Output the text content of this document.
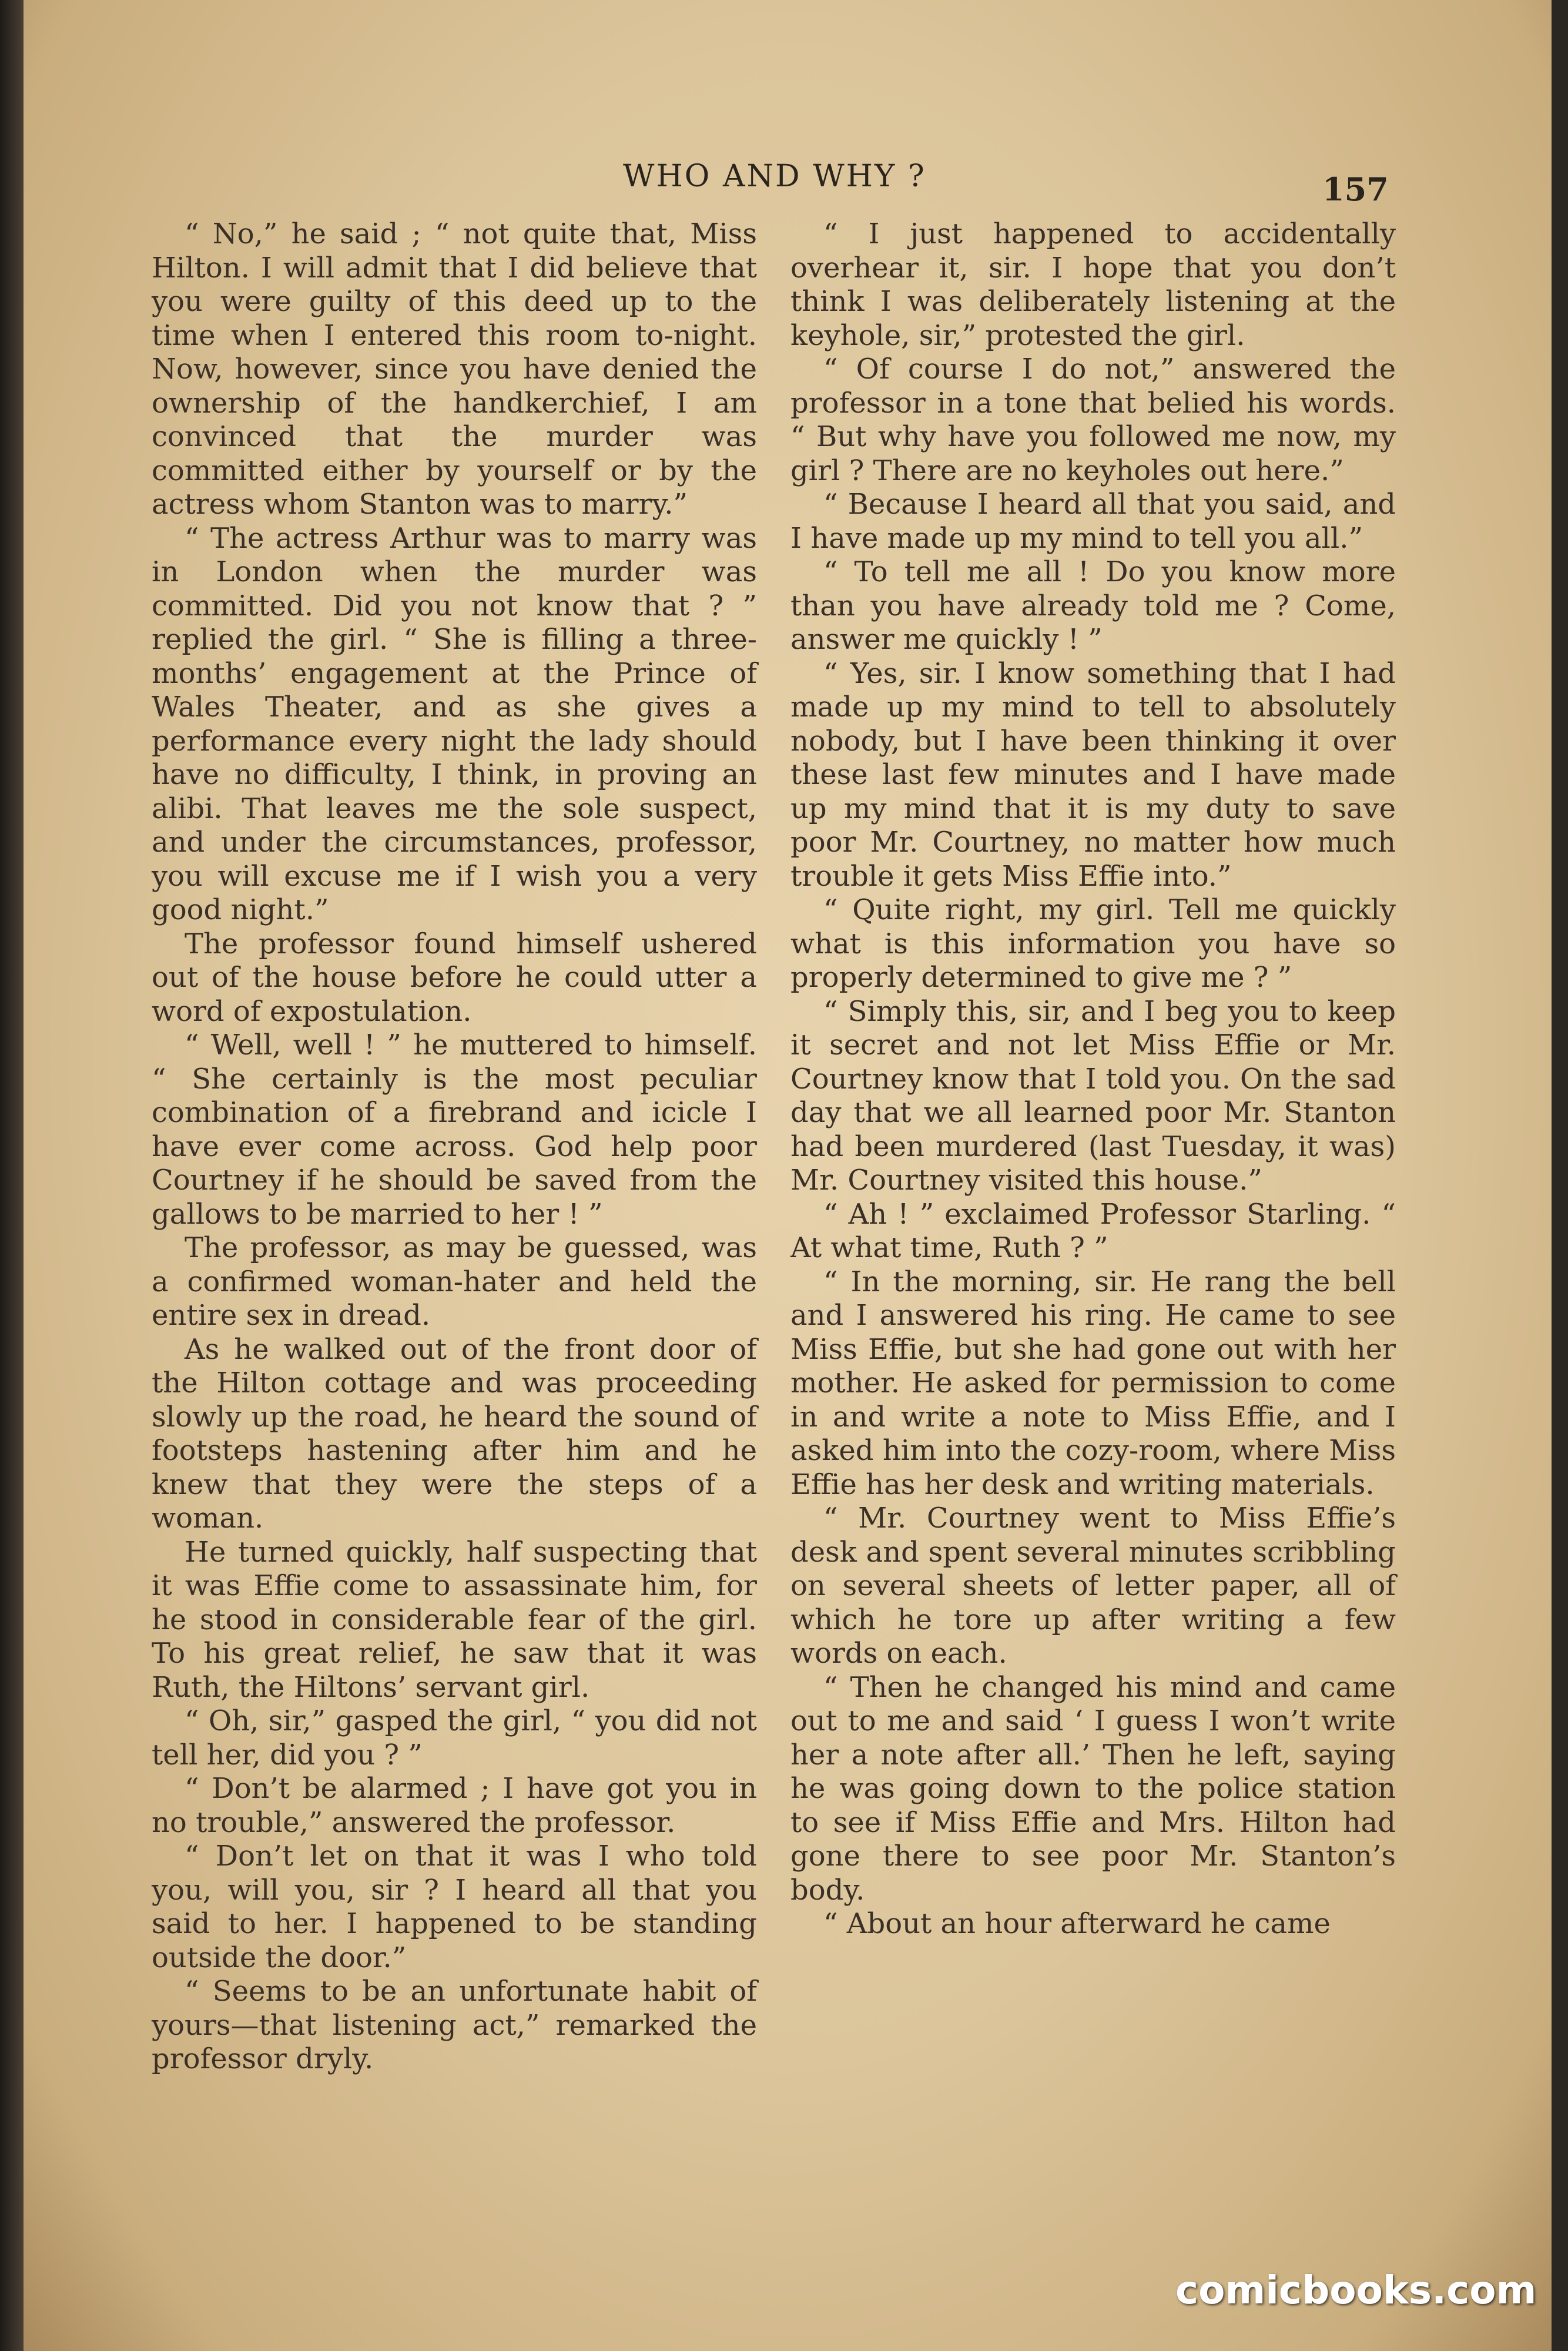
WHO AND WHY ?	157

“ No,” he said ; “ not quite that, Miss Hilton. I will admit that I did believe that you were guilty of this deed up to the time when I entered this room to-night. Now, however, since you have denied the ownership of the handkerchief, I am convinced that the murder was committed either by yourself or by the actress whom Stanton was to marry.”

“ The actress Arthur was to marry was in London when the murder was committed. Did you not know that ? ” replied the girl. “ She is filling a three-months’ engagement at the Prince of Wales Theater, and as she gives a performance every night the lady should have no difficulty, I think, in proving an alibi. That leaves me the sole suspect, and under the circumstances, professor, you will excuse me if I wish you a very good night.”

The professor found himself ushered out of the house before he could utter a word of expostulation.

“ Well, well ! ” he muttered to himself. “ She certainly is the most peculiar combination of a firebrand and icicle I have ever come across. God help poor Courtney if he should be saved from the gallows to be married to her ! ”

The professor, as may be guessed, was a confirmed woman-hater and held the entire sex in dread.

As he walked out of the front door of the Hilton cottage and was proceeding slowly up the road, he heard the sound of footsteps hastening after him and he knew that they were the steps of a woman.

He turned quickly, half suspecting that it was Effie come to assassinate him, for he stood in considerable fear of the girl. To his great relief, he saw that it was Ruth, the Hiltons’ servant girl.

“ Oh, sir,” gasped the girl, “ you did not tell her, did you ? ”

“ Don’t be alarmed ; I have got you in no trouble,” answered the professor.

“ Don’t let on that it was I who told you, will you, sir ? I heard all that you said to her. I happened to be standing outside the door.”

“ Seems to be an unfortunate habit of yours—that listening act,” remarked the professor dryly.

“ I just happened to accidentally overhear it, sir. I hope that you don’t think I was deliberately listening at the keyhole, sir,” protested the girl.

“ Of course I do not,” answered the professor in a tone that belied his words. “ But why have you followed me now, my girl ? There are no keyholes out here.”

“ Because I heard all that you said, and I have made up my mind to tell you all.”

“ To tell me all ! Do you know more than you have already told me ? Come, answer me quickly ! ”

“ Yes, sir. I know something that I had made up my mind to tell to absolutely nobody, but I have been thinking it over these last few minutes and I have made up my mind that it is my duty to save poor Mr. Courtney, no matter how much trouble it gets Miss Effie into.”

“ Quite right, my girl. Tell me quickly what is this information you have so properly determined to give me ? ”

“ Simply this, sir, and I beg you to keep it secret and not let Miss Effie or Mr. Courtney know that I told you. On the sad day that we all learned poor Mr. Stanton had been murdered (last Tuesday, it was) Mr. Courtney visited this house.”

“ Ah ! ” exclaimed Professor Starling. “ At what time, Ruth ? ”

“ In the morning, sir. He rang the bell and I answered his ring. He came to see Miss Effie, but she had gone out with her mother. He asked for permission to come in and write a note to Miss Effie, and I asked him into the cozy-room, where Miss Effie has her desk and writing materials.

“ Mr. Courtney went to Miss Effie’s desk and spent several minutes scribbling on several sheets of letter paper, all of which he tore up after writing a few words on each.

“ Then he changed his mind and came out to me and said ‘ I guess I won’t write her a note after all.’ Then he left, saying he was going down to the police station to see if Miss Effie and Mrs. Hilton had gone there to see poor Mr. Stanton’s body.

“ About an hour afterward he came

comicbooks.com
